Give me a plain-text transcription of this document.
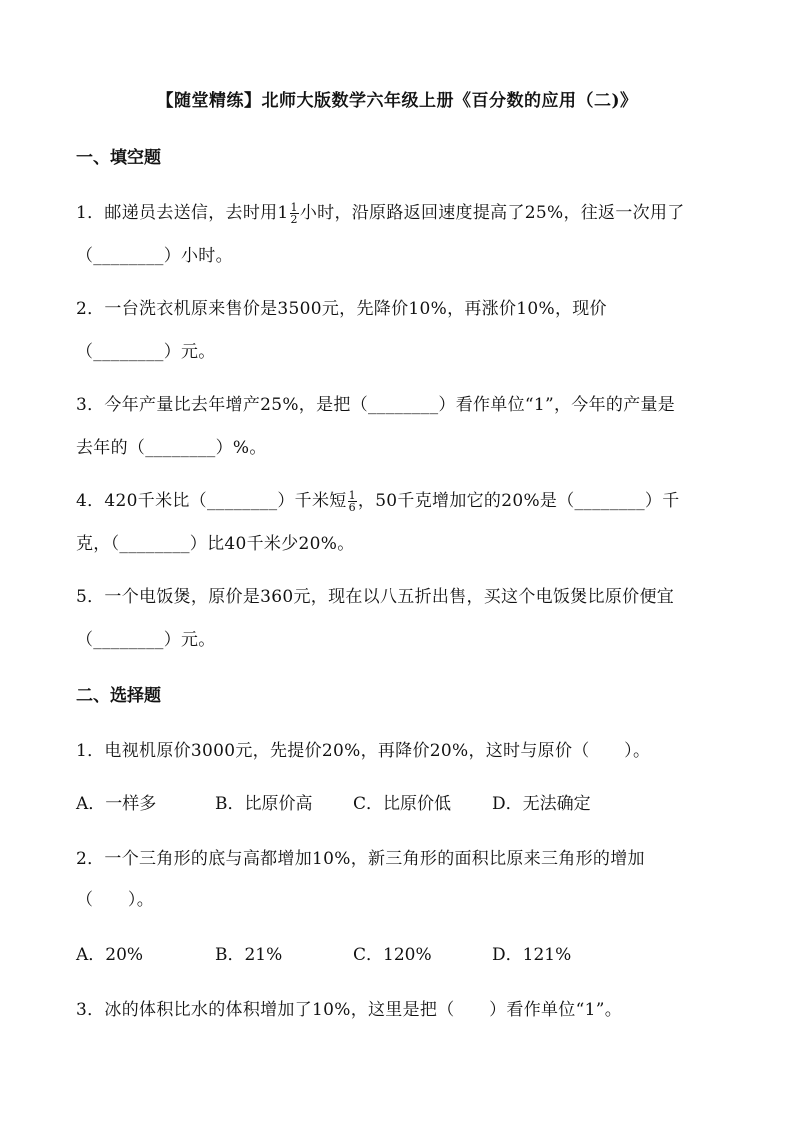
【随堂精练】北师大版数学六年级上册《百分数的应用（二)》
一、填空题
1．邮递员去送信，去时用$1 \frac{1}{2}$ 小时，沿原路返回速度提高了25%，往返一次用了
（________）小时。
2．一台洗衣机原来售价是3500元，先降价10%，再涨价10%，现价
（________）元。
3．今年产量比去年增产25%，是把（________）看作单位“1”，今年的产量是
去年的（________）%。
4．420千米比（________）千米短 $\frac{1}{6}$ ，50千克增加它的20%是（________）千
克，（________）比40千米少20%。
5．一个电饭煲，原价是360元，现在以八五折出售，买这个电饭煲比原价便宜
（________）元。
二、选择题
1．电视机原价3000元，先提价20%，再降价20%，这时与原价（　　）。
A．一样多	B．比原价高 C．比原价低 D．无法确定
2．一个三角形的底与高都增加10%，新三角形的面积比原来三角形的增加
（　　）。
A．20%	B．21%	C．120%	D．121%
3．冰的体积比水的体积增加了10%，这里是把（　　）看作单位“1”。
